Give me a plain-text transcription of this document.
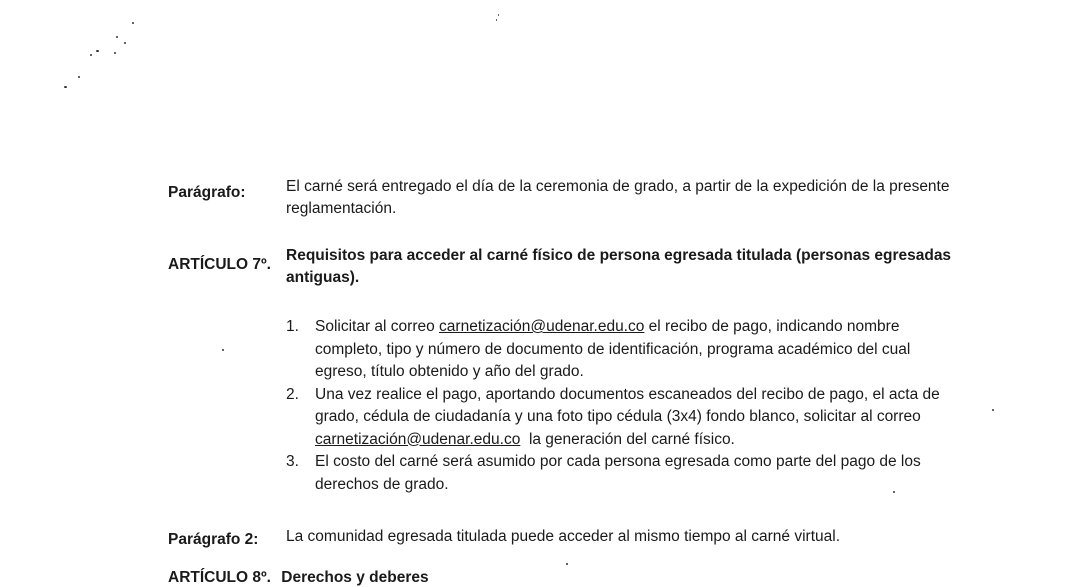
Parágrafo:	El carné será entregado el día de la ceremonia de grado, a partir de la expedición de la presente reglamentación.
ARTÍCULO 7º.
Requisitos para acceder al carné físico de persona egresada titulada (personas egresadas antiguas).
1. Solicitar al correo carnetización@udenar.edu.co el recibo de pago, indicando nombre completo, tipo y número de documento de identificación, programa académico del cual egreso, título obtenido y año del grado.
2. Una vez realice el pago, aportando documentos escaneados del recibo de pago, el acta de grado, cédula de ciudadanía y una foto tipo cédula (3x4) fondo blanco, solicitar al correo carnetización@udenar.edu.co  la generación del carné físico.
3. El costo del carné será asumido por cada persona egresada como parte del pago de los derechos de grado.
Parágrafo 2: La comunidad egresada titulada puede acceder al mismo tiempo al carné virtual.
ARTÍCULO 8º. Derechos y deberes
